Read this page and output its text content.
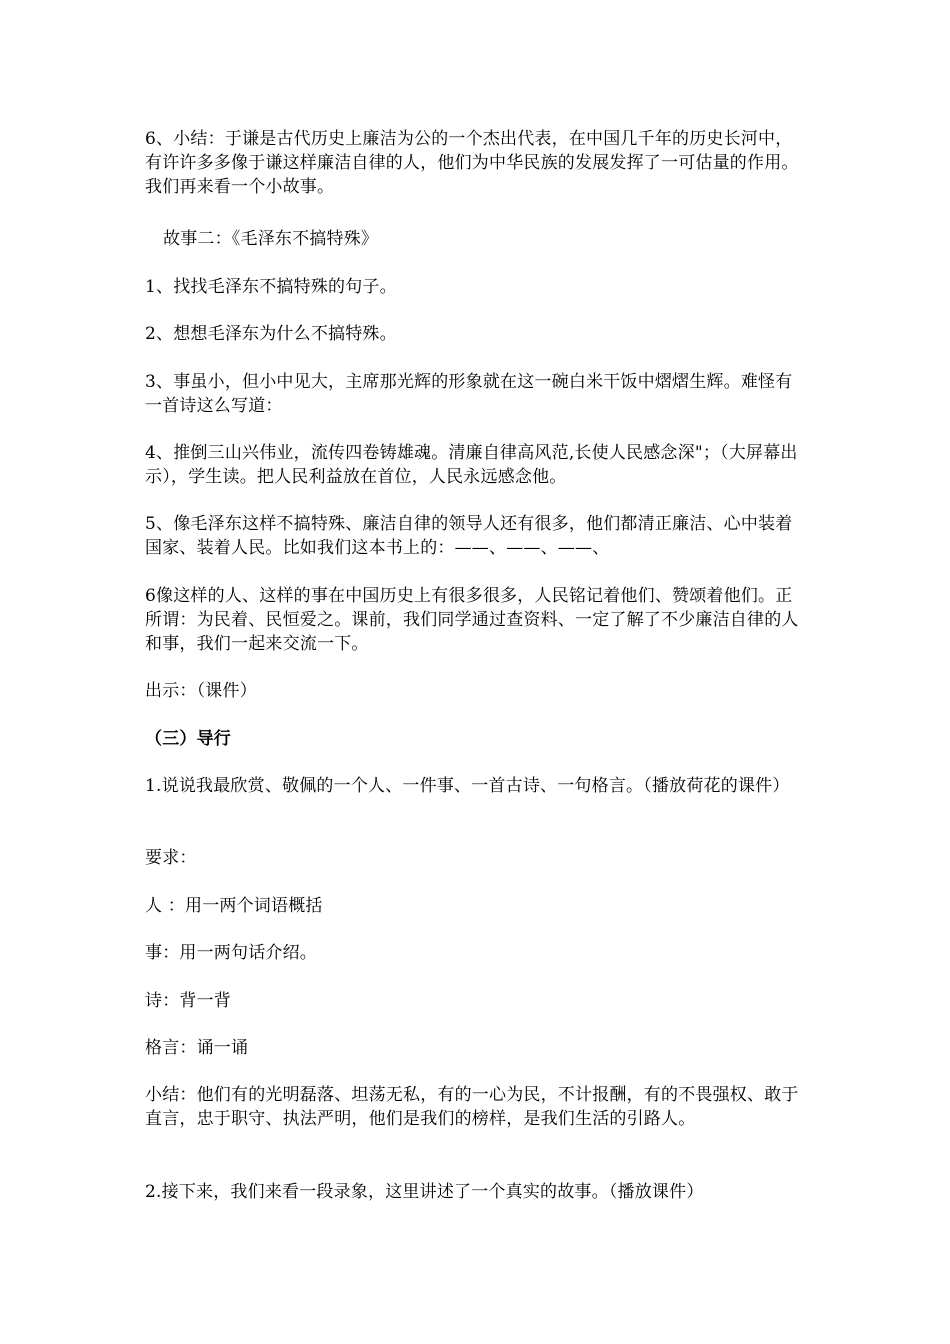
6、小结：于谦是古代历史上廉洁为公的一个杰出代表，在中国几千年的历史长河中，有许许多多像于谦这样廉洁自律的人，他们为中华民族的发展发挥了一可估量的作用。我们再来看一个小故事。
故事二：《毛泽东不搞特殊》
1、找找毛泽东不搞特殊的句子。
2、想想毛泽东为什么不搞特殊。
3、事虽小，但小中见大，主席那光辉的形象就在这一碗白米干饭中熠熠生辉。难怪有一首诗这么写道：
4、推倒三山兴伟业，流传四卷铸雄魂。清廉自律高风范,长使人民感念深"；（大屏幕出示），学生读。把人民利益放在首位，人民永远感念他。
5、像毛泽东这样不搞特殊、廉洁自律的领导人还有很多，他们都清正廉洁、心中装着国家、装着人民。比如我们这本书上的：——、——、——、
6像这样的人、这样的事在中国历史上有很多很多，人民铭记着他们、赞颂着他们。正所谓：为民着、民恒爱之。课前，我们同学通过查资料、一定了解了不少廉洁自律的人和事，我们一起来交流一下。
出示：（课件）
（三）导行
1.说说我最欣赏、敬佩的一个人、一件事、一首古诗、一句格言。（播放荷花的课件）
要求：
人 ：用一两个词语概括
事：用一两句话介绍。
诗：背一背
格言：诵一诵
小结：他们有的光明磊落、坦荡无私，有的一心为民，不计报酬，有的不畏强权、敢于直言，忠于职守、执法严明，他们是我们的榜样，是我们生活的引路人。
2.接下来，我们来看一段录象，这里讲述了一个真实的故事。（播放课件）
